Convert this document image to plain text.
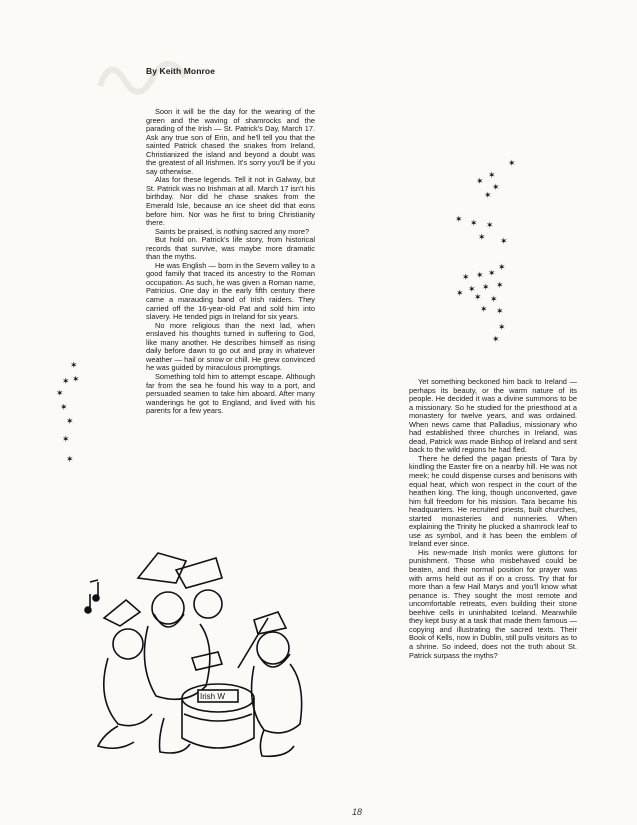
By Keith Monroe

Soon it will be the day for the wearing of the green and the waving of shamrocks and the parading of the Irish — St. Patrick's Day, March 17. Ask any true son of Erin, and he'll tell you that the sainted Patrick chased the snakes from Ireland, Christianized the island and beyond a doubt was the greatest of all Irishmen. It's sorry you'll be if you say otherwise.

Alas for these legends. Tell it not in Galway, but St. Patrick was no Irishman at all. March 17 isn't his birthday. Nor did he chase snakes from the Emerald Isle, because an ice sheet did that eons before him. Nor was he first to bring Christianity there.

Saints be praised, is nothing sacred any more?

But hold on. Patrick's life story, from historical records that survive, was maybe more dramatic than the myths.

He was English — born in the Severn valley to a good family that traced its ancestry to the Roman occupation. As such, he was given a Roman name, Patricius. One day in the early fifth century there came a marauding band of Irish raiders. They carried off the 16-year-old Pat and sold him into slavery. He tended pigs in Ireland for six years.

No more religious than the next lad, when enslaved his thoughts turned in suffering to God, like many another. He describes himself as rising daily before dawn to go out and pray in whatever weather — hail or snow or chill. He grew convinced he was guided by miraculous promptings.

Something told him to attempt escape. Although far from the sea he found his way to a port, and persuaded seamen to take him aboard. After many wanderings he got to England, and lived with his parents for a few years.

Yet something beckoned him back to Ireland — perhaps its beauty, or the warm nature of its people. He decided it was a divine summons to be a missionary. So he studied for the priesthood at a monastery for twelve years, and was ordained. When news came that Palladius, missionary who had established three churches in Ireland, was dead, Patrick was made Bishop of Ireland and sent back to the wild regions he had fled.

There he defied the pagan priests of Tara by kindling the Easter fire on a nearby hill. He was not meek; he could dispense curses and benisons with equal heat, which won respect in the court of the heathen king. The king, though unconverted, gave him full freedom for his mission. Tara became his headquarters. He recruited priests, built churches, started monasteries and nunneries. When explaining the Trinity he plucked a shamrock leaf to use as symbol, and it has been the emblem of Ireland ever since.

His new-made Irish monks were gluttons for punishment. Those who misbehaved could be beaten, and their normal position for prayer was with arms held out as if on a cross. Try that for more than a few Hail Marys and you'll know what penance is. They sought the most remote and uncomfortable retreats, even building their stone beehive cells in uninhabited Iceland. Meanwhile they kept busy at a task that made them famous — copying and illustrating the sacred texts. Their Book of Kells, now in Dublin, still pulls visitors as to a shrine. So indeed, does not the truth about St. Patrick surpass the myths?

✶
✶
✶
✶
✶
✶ ✶ ✶
✶ ✶
✶
✶
✶
✶
✶ ✶ ✶
✶ ✶ ✶
✶ ✶
✶
✶
✶
✶ ✶
✶
✶
✶
✶
✶
Irish W
18
